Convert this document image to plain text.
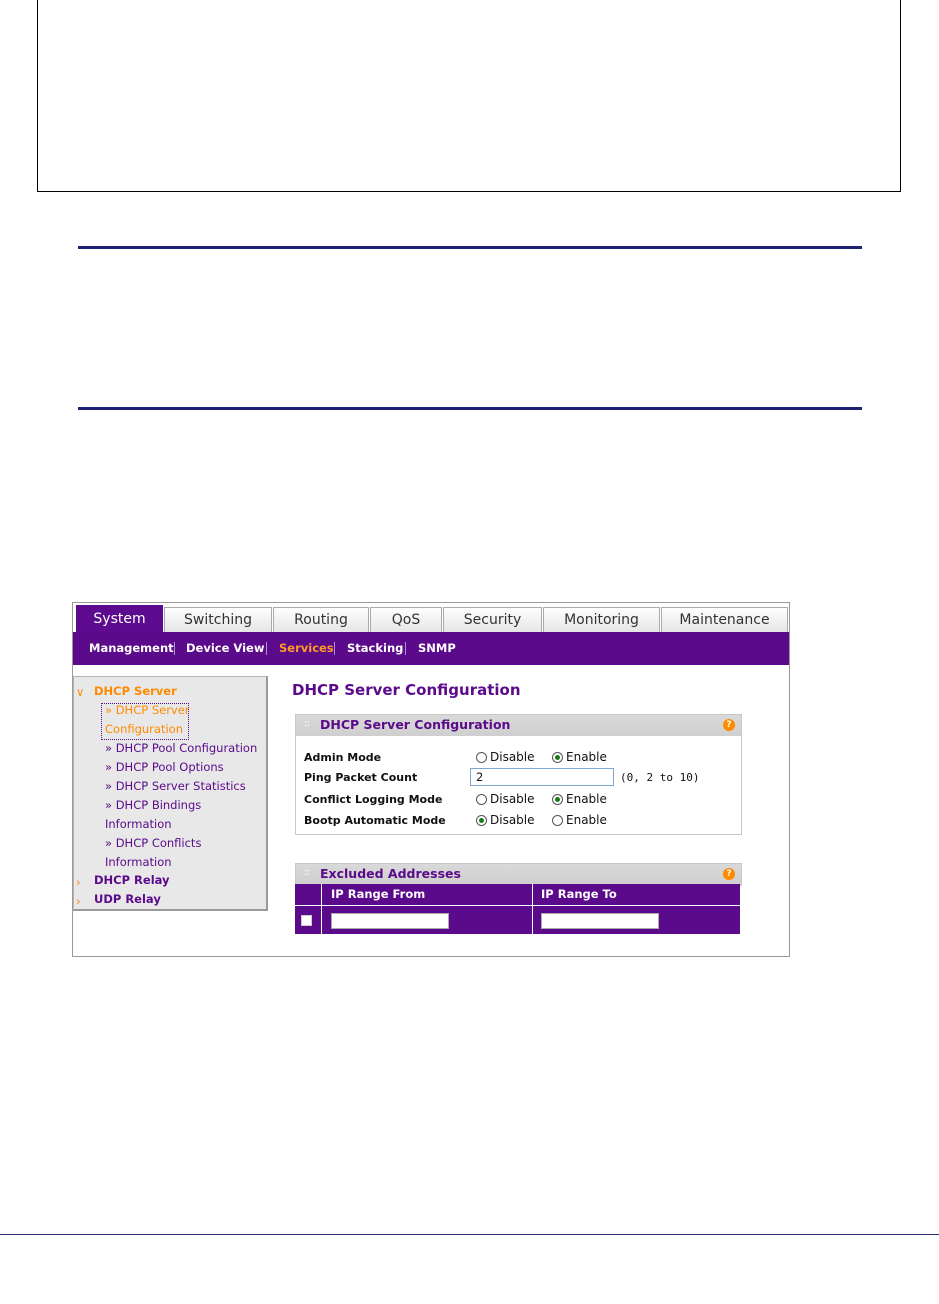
System	Switching	Routing	QoS	Security	Monitoring	Maintenance
Management Device View Services Stacking SNMP
∨ DHCP Server
» DHCP Server
Configuration
» DHCP Pool Configuration
» DHCP Pool Options
» DHCP Server Statistics
» DHCP Bindings
Information
» DHCP Conflicts
Information
› DHCP Relay
› UDP Relay
DHCP Server Configuration
:: DHCP Server Configuration	?
Admin Mode	Disable	Enable
Ping Packet Count	2	(0, 2 to 10)
Conflict Logging Mode	Disable	Enable
Bootp Automatic Mode	Disable	Enable
:: Excluded Addresses	?
IP Range From	IP Range To
